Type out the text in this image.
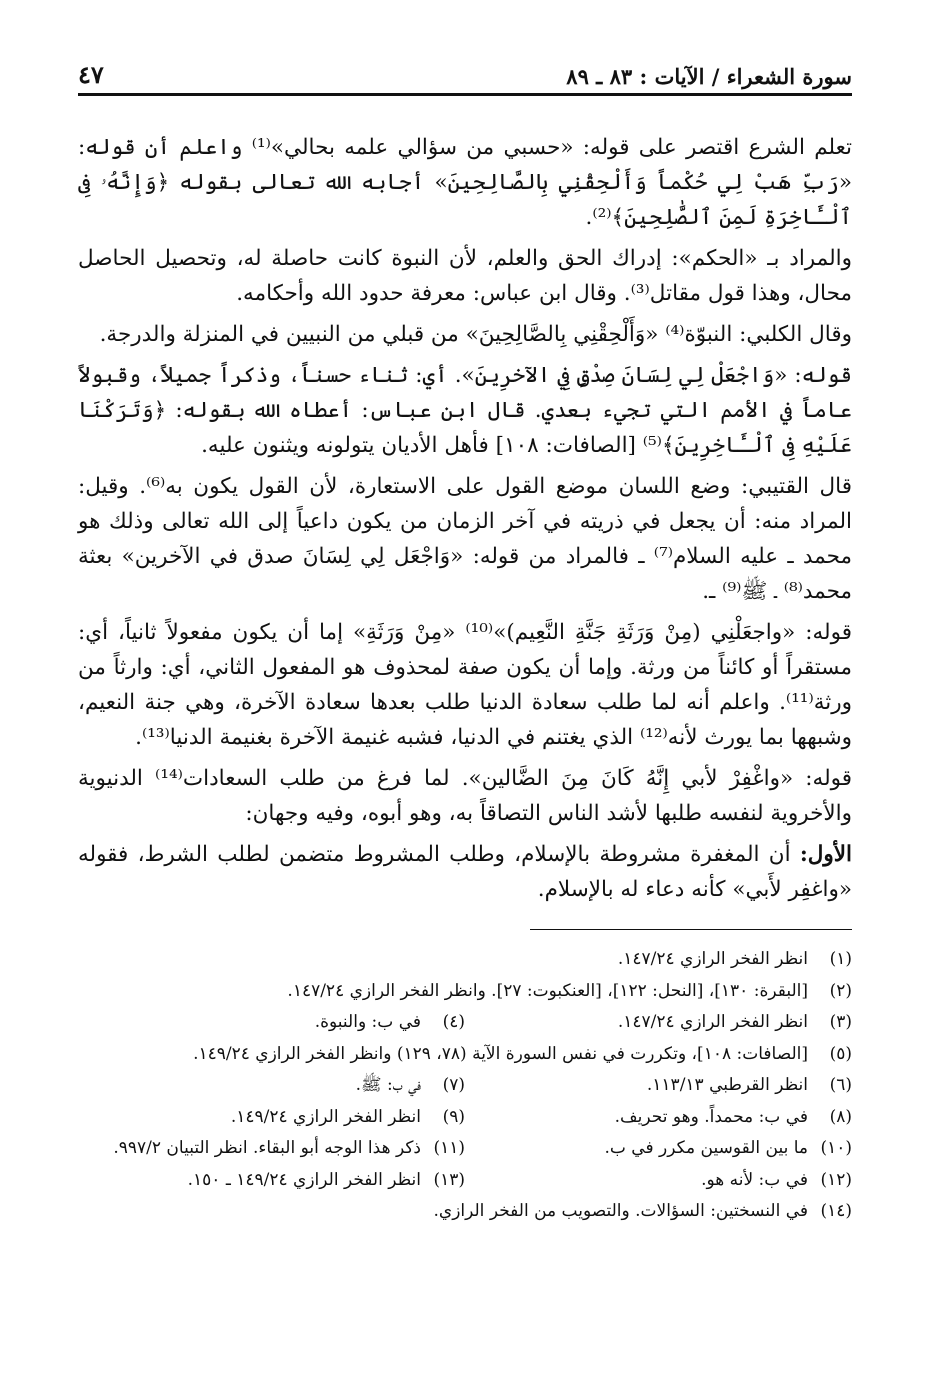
سورة الشعراء / الآيات : ٨٣ ـ ٨٩
٤٧

تعلم الشرع اقتصر على قوله: «حسبي من سؤالي علمه بحالي»⁽¹⁾ واعلم أن قوله: «رَبِّ هَبْ لِي حُكْماً وَأَلْحِقْنِي بِالصَّالِحِينَ» أجابه الله تعالى بقوله ﴿وَإِنَّهُۥ فِى ٱلْـَٔاخِرَةِ لَمِنَ ٱلصَّٰلِحِينَ﴾⁽²⁾.

والمراد بـ «الحكم»: إدراك الحق والعلم، لأن النبوة كانت حاصلة له، وتحصيل الحاصل محال، وهذا قول مقاتل⁽³⁾. وقال ابن عباس: معرفة حدود الله وأحكامه.

وقال الكلبي: النبوّة⁽⁴⁾ «وَأَلْحِقْنِي بِالصَّالِحِينَ» من قبلي من النبيين في المنزلة والدرجة.

قوله: «وَاجْعَلْ لِي لِسَانَ صِدْقٍ فِي الآخرِينَ». أي: ثناء حسناً، وذكراً جميلاً، وقبولاً عاماً في الأمم التي تجيء بعدي. قال ابن عباس: أعطاه الله بقوله: ﴿وَتَرَكْنَا عَلَيْهِ فِى ٱلْـَٔاخِرِينَ﴾⁽⁵⁾ [الصافات: ١٠٨] فأهل الأديان يتولونه ويثنون عليه.

قال القتيبي: وضع اللسان موضع القول على الاستعارة، لأن القول يكون به⁽⁶⁾. وقيل: المراد منه: أن يجعل في ذريته في آخر الزمان من يكون داعياً إلى الله تعالى وذلك هو محمد ـ عليه السلام⁽⁷⁾ ـ فالمراد من قوله: «وَاجْعَل لِي لِسَانَ صدق في الآخرين» بعثة محمد⁽⁸⁾ ـ ﷺ⁽⁹⁾ ـ.

قوله: «واجعَلْنِي (مِنْ وَرَثَةِ جَنَّةِ النَّعِيم)»⁽¹⁰⁾ «مِنْ وَرَثَةِ» إما أن يكون مفعولاً ثانياً، أي: مستقراً أو كائناً من ورثة. وإما أن يكون صفة لمحذوف هو المفعول الثاني، أي: وارثاً من ورثة⁽¹¹⁾. واعلم أنه لما طلب سعادة الدنيا طلب بعدها سعادة الآخرة، وهي جنة النعيم، وشبهها بما يورث لأنه⁽¹²⁾ الذي يغتنم في الدنيا، فشبه غنيمة الآخرة بغنيمة الدنيا⁽¹³⁾.

قوله: «واغْفِرْ لأبي إِنَّهُ كَانَ مِنَ الضَّالين». لما فرغ من طلب السعادات⁽¹⁴⁾ الدنيوية والأخروية لنفسه طلبها لأشد الناس التصاقاً به، وهو أبوه، وفيه وجهان:

الأول: أن المغفرة مشروطة بالإسلام، وطلب المشروط متضمن لطلب الشرط، فقوله «واغفِر لأَبي» كأنه دعاء له بالإسلام.

(١)
انظر الفخر الرازي ١٤٧/٢٤.
(٢)
[البقرة: ١٣٠]، [النحل: ١٢٢]، [العنكبوت: ٢٧]. وانظر الفخر الرازي ١٤٧/٢٤.
(٣)
انظر الفخر الرازي ١٤٧/٢٤.
(٤)
في ب: والنبوة.
(٥)
[الصافات: ١٠٨]، وتكررت في نفس السورة الآية (٧٨، ١٢٩) وانظر الفخر الرازي ١٤٩/٢٤.
(٦)
انظر القرطبي ١١٣/١٣.
(٧)
في ب: ﷺ.
(٨)
في ب: محمداً. وهو تحريف.
(٩)
انظر الفخر الرازي ١٤٩/٢٤.
(١٠)
ما بين القوسين مكرر في ب.
(١١)
ذكر هذا الوجه أبو البقاء. انظر التبيان ٩٩٧/٢.
(١٢)
في ب: لأنه هو.
(١٣)
انظر الفخر الرازي ١٤٩/٢٤ ـ ١٥٠.
(١٤)
في النسختين: السؤالات. والتصويب من الفخر الرازي.
